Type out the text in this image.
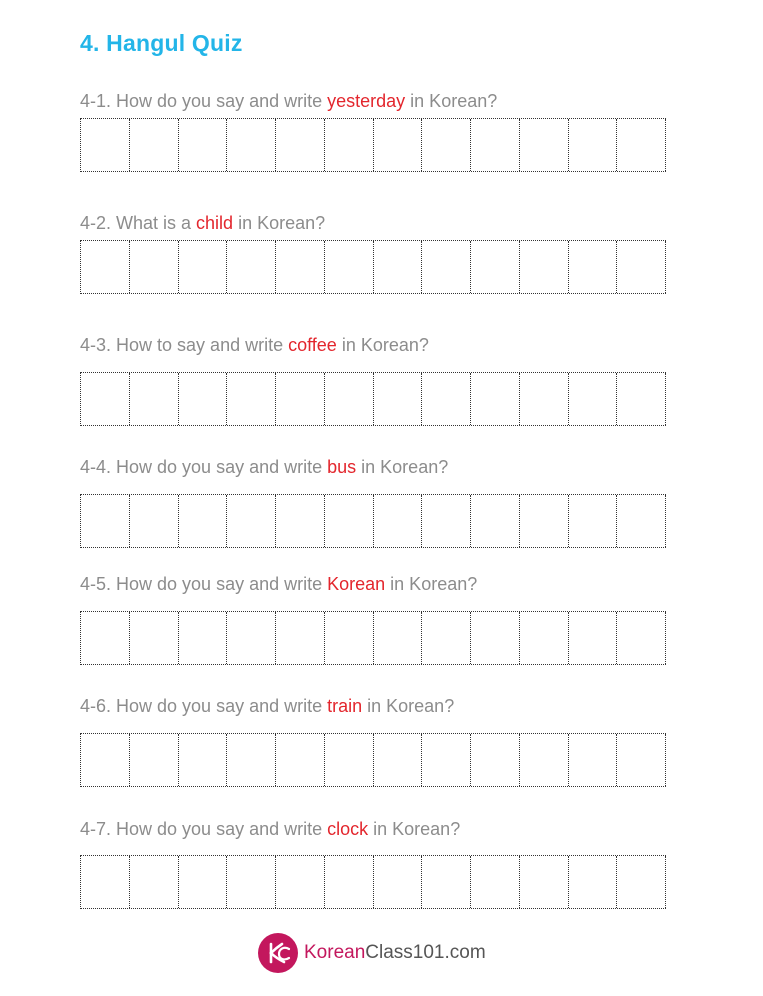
4. Hangul Quiz
4-1. How do you say and write yesterday in Korean?
4-2. What is a child in Korean?
4-3. How to say and write coffee in Korean?
4-4. How do you say and write bus in Korean?
4-5. How do you say and write Korean in Korean?
4-6. How do you say and write train in Korean?
4-7. How do you say and write clock in Korean?
KoreanClass101.com
